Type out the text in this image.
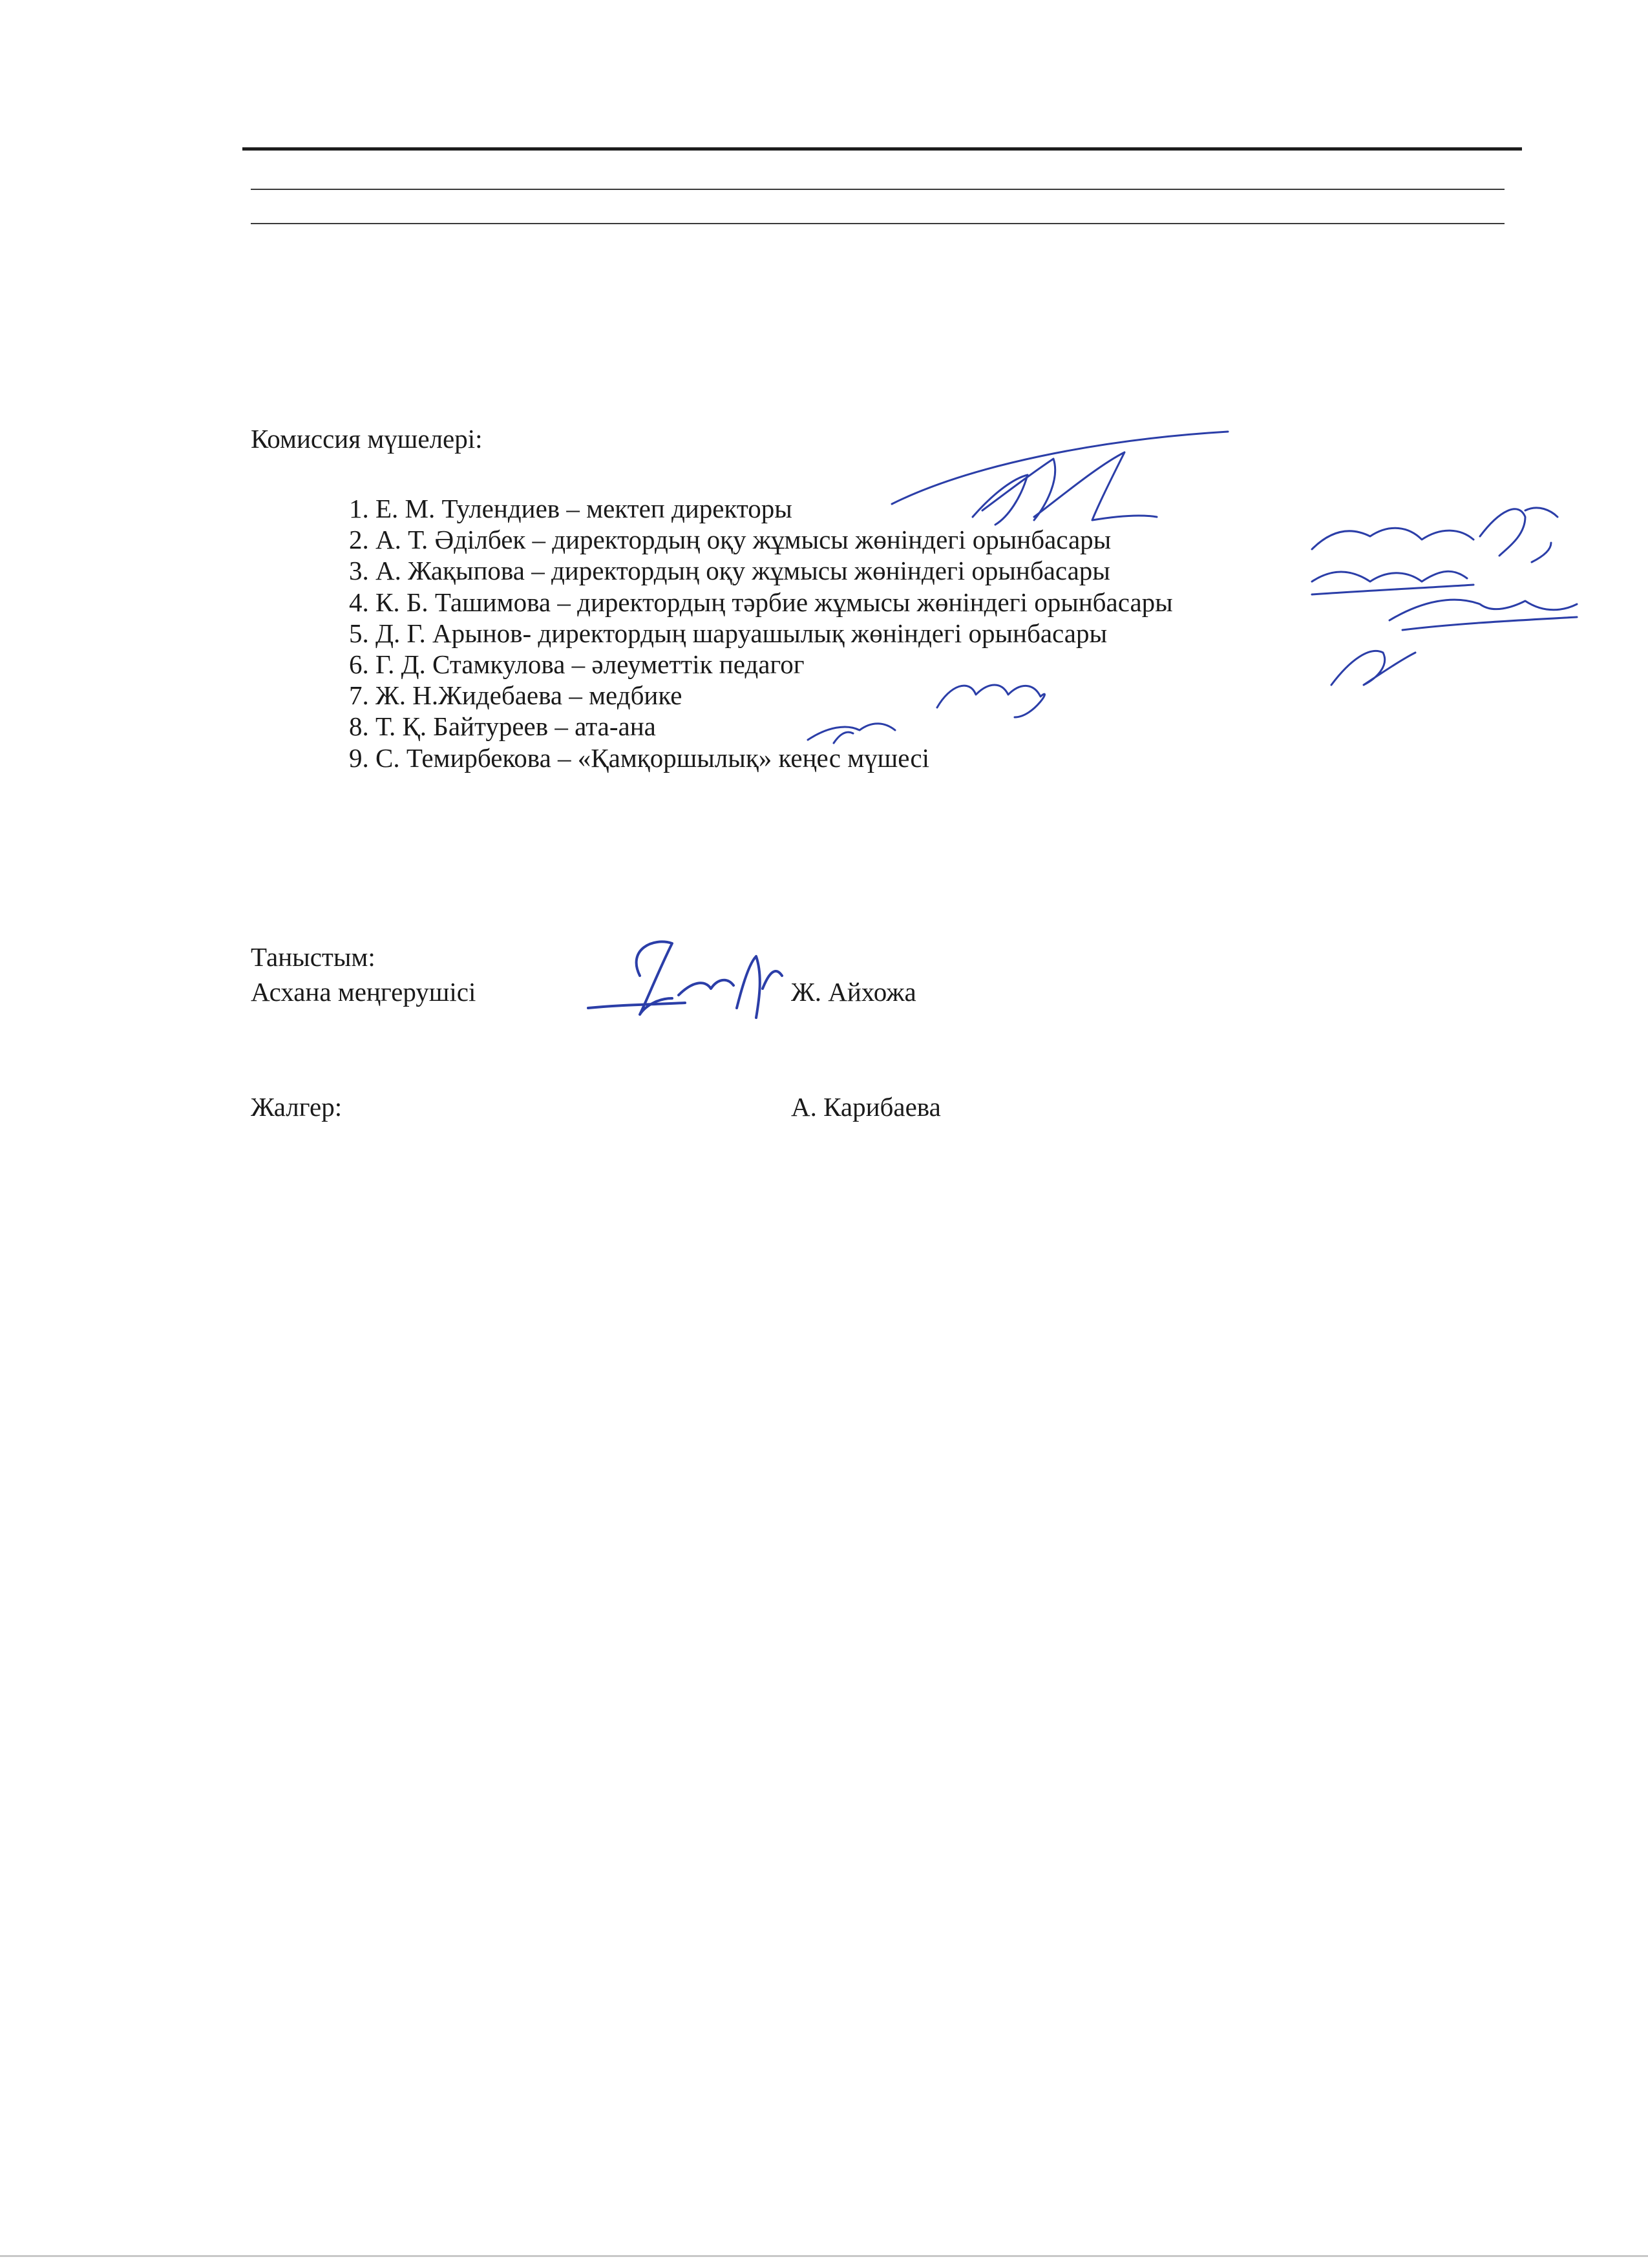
Комиссия мүшелері:
1. Е. М. Тулендиев – мектеп директоры
2. А. Т. Әділбек – директордың оқу жұмысы жөніндегі орынбасары
3. А. Жақыпова – директордың оқу жұмысы жөніндегі орынбасары
4. К. Б. Ташимова – директордың тәрбие жұмысы жөніндегі орынбасары
5. Д. Г. Арынов- директордың шаруашылық жөніндегі орынбасары
6. Г. Д. Стамкулова – әлеуметтік педагог
7. Ж. Н.Жидебаева – медбике
8. Т. Қ. Байтуреев – ата-ана
9. С. Темирбекова – «Қамқоршылық» кеңес мүшесі
Таныстым:
Асхана меңгерушісі	Ж. Айхожа
Жалгер:	А. Карибаева
